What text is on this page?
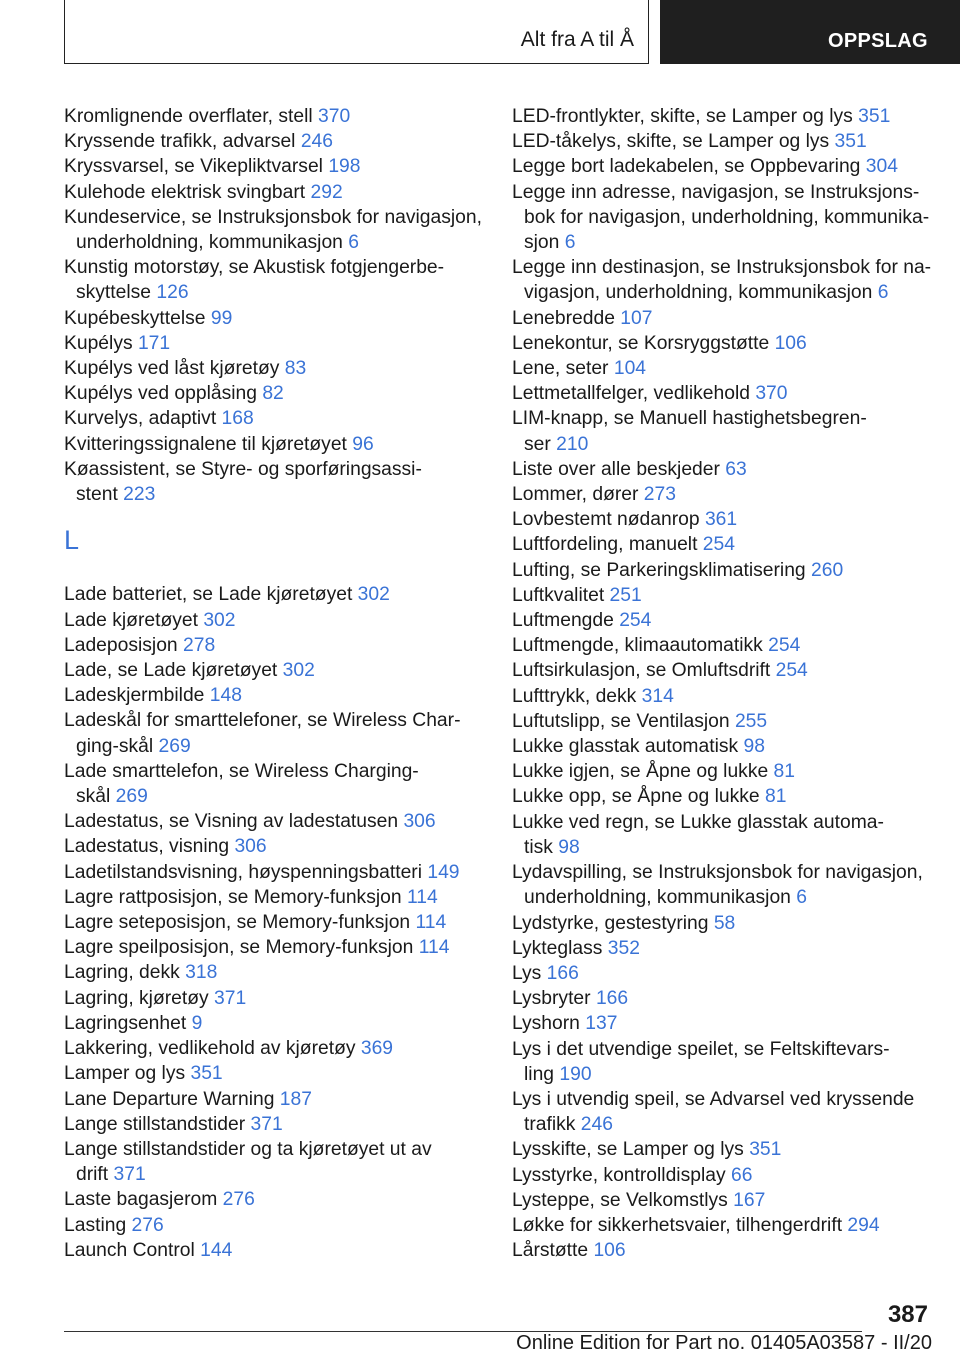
Alt fra A til Å	OPPSLAG
Kromlignende overflater, stell 370
Kryssende trafikk, advarsel 246
Kryssvarsel, se Vikepliktvarsel 198
Kulehode elektrisk svingbart 292
Kundeservice, se Instruksjonsbok for navigasjon,
underholdning, kommunikasjon 6
Kunstig motorstøy, se Akustisk fotgjengerbe-
skyttelse 126
Kupébeskyttelse 99
Kupélys 171
Kupélys ved låst kjøretøy 83
Kupélys ved opplåsing 82
Kurvelys, adaptivt 168
Kvitteringssignalene til kjøretøyet 96
Køassistent, se Styre- og sporføringsassi-
stent 223
L
Lade batteriet, se Lade kjøretøyet 302
Lade kjøretøyet 302
Ladeposisjon 278
Lade, se Lade kjøretøyet 302
Ladeskjermbilde 148
Ladeskål for smarttelefoner, se Wireless Char-
ging-skål 269
Lade smarttelefon, se Wireless Charging-
skål 269
Ladestatus, se Visning av ladestatusen 306
Ladestatus, visning 306
Ladetilstandsvisning, høyspenningsbatteri 149
Lagre rattposisjon, se Memory-funksjon 114
Lagre seteposisjon, se Memory-funksjon 114
Lagre speilposisjon, se Memory-funksjon 114
Lagring, dekk 318
Lagring, kjøretøy 371
Lagringsenhet 9
Lakkering, vedlikehold av kjøretøy 369
Lamper og lys 351
Lane Departure Warning 187
Lange stillstandstider 371
Lange stillstandstider og ta kjøretøyet ut av
drift 371
Laste bagasjerom 276
Lasting 276
Launch Control 144
LED-frontlykter, skifte, se Lamper og lys 351
LED-tåkelys, skifte, se Lamper og lys 351
Legge bort ladekabelen, se Oppbevaring 304
Legge inn adresse, navigasjon, se Instruksjons-
bok for navigasjon, underholdning, kommunika-
sjon 6
Legge inn destinasjon, se Instruksjonsbok for na-
vigasjon, underholdning, kommunikasjon 6
Lenebredde 107
Lenekontur, se Korsryggstøtte 106
Lene, seter 104
Lettmetallfelger, vedlikehold 370
LIM-knapp, se Manuell hastighetsbegren-
ser 210
Liste over alle beskjeder 63
Lommer, dører 273
Lovbestemt nødanrop 361
Luftfordeling, manuelt 254
Lufting, se Parkeringsklimatisering 260
Luftkvalitet 251
Luftmengde 254
Luftmengde, klimaautomatikk 254
Luftsirkulasjon, se Omluftsdrift 254
Lufttrykk, dekk 314
Luftutslipp, se Ventilasjon 255
Lukke glasstak automatisk 98
Lukke igjen, se Åpne og lukke 81
Lukke opp, se Åpne og lukke 81
Lukke ved regn, se Lukke glasstak automa-
tisk 98
Lydavspilling, se Instruksjonsbok for navigasjon,
underholdning, kommunikasjon 6
Lydstyrke, gestestyring 58
Lykteglass 352
Lys 166
Lysbryter 166
Lyshorn 137
Lys i det utvendige speilet, se Feltskiftevars-
ling 190
Lys i utvendig speil, se Advarsel ved kryssende
trafikk 246
Lysskifte, se Lamper og lys 351
Lysstyrke, kontrolldisplay 66
Lysteppe, se Velkomstlys 167
Løkke for sikkerhetsvaier, tilhengerdrift 294
Lårstøtte 106
387
Online Edition for Part no. 01405A03587 - II/20
